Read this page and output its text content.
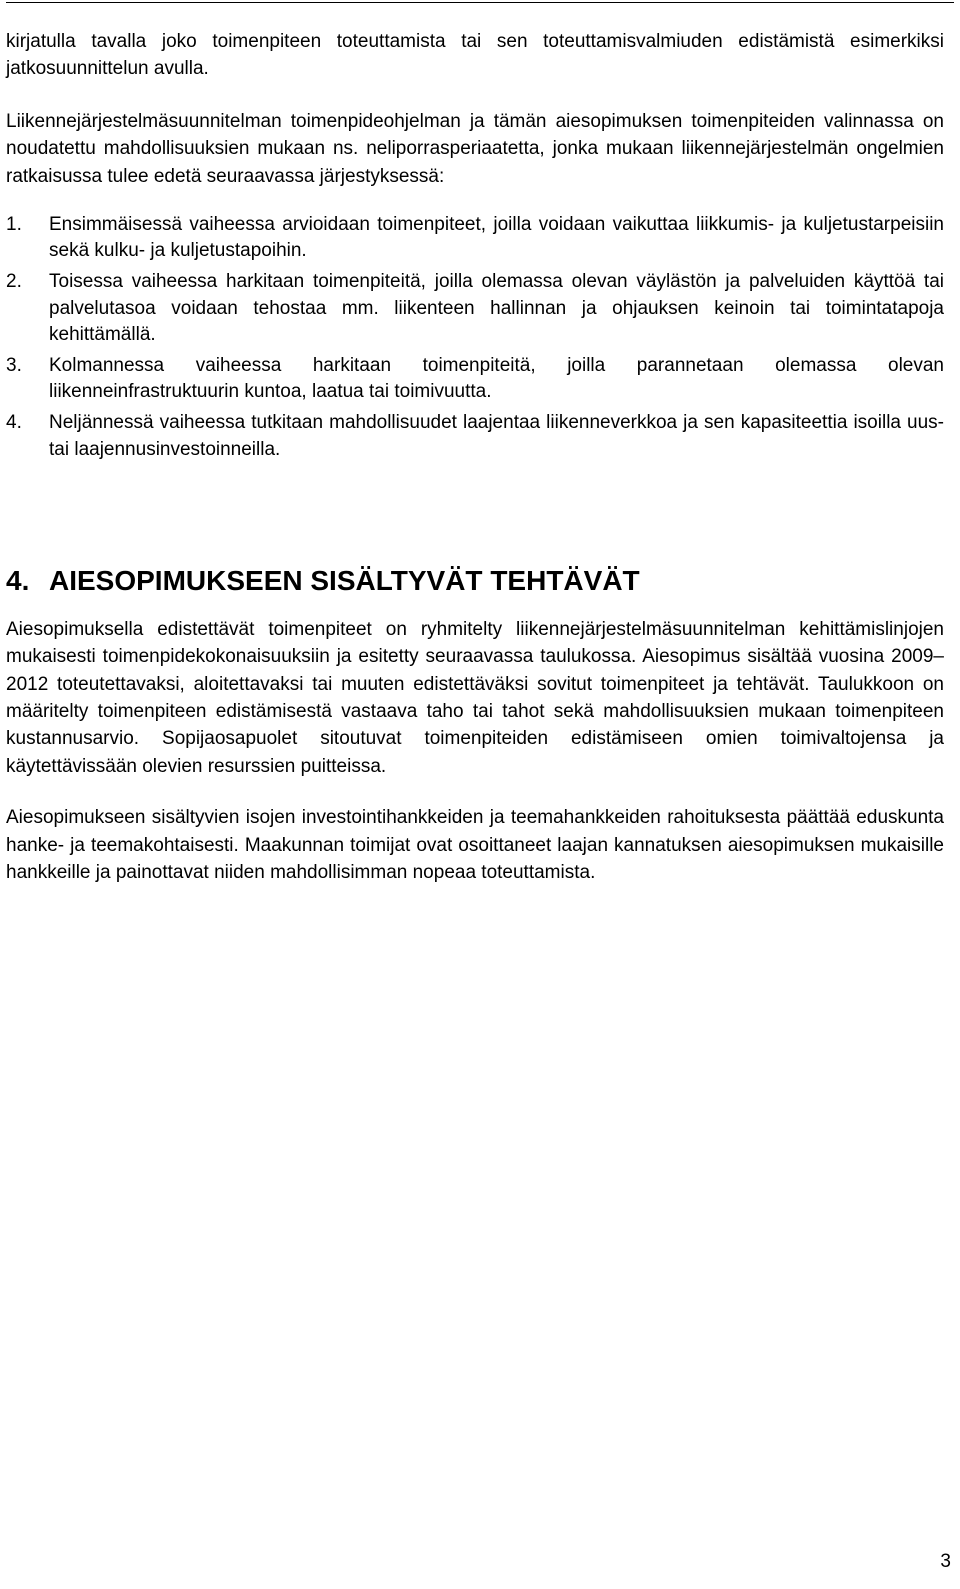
kirjatulla tavalla joko toimenpiteen toteuttamista tai sen toteuttamisvalmiuden edistämistä esimerkiksi jatkosuunnittelun avulla.

Liikennejärjestelmäsuunnitelman toimenpideohjelman ja tämän aiesopimuksen toimenpiteiden valinnassa on noudatettu mahdollisuuksien mukaan ns. neliporrasperiaatetta, jonka mukaan liikennejärjestelmän ongelmien ratkaisussa tulee edetä seuraavassa järjestyksessä:

1. Ensimmäisessä vaiheessa arvioidaan toimenpiteet, joilla voidaan vaikuttaa liikkumis- ja kuljetustarpeisiin sekä kulku- ja kuljetustapoihin.
2. Toisessa vaiheessa harkitaan toimenpiteitä, joilla olemassa olevan väylästön ja palveluiden käyttöä tai palvelutasoa voidaan tehostaa mm. liikenteen hallinnan ja ohjauksen keinoin tai toimintatapoja kehittämällä.
3. Kolmannessa vaiheessa harkitaan toimenpiteitä, joilla parannetaan olemassa olevan liikenneinfrastruktuurin kuntoa, laatua tai toimivuutta.
4. Neljännessä vaiheessa tutkitaan mahdollisuudet laajentaa liikenneverkkoa ja sen kapasiteettia isoilla uus- tai laajennusinvestoinneilla.
4. AIESOPIMUKSEEN SISÄLTYVÄT TEHTÄVÄT

Aiesopimuksella edistettävät toimenpiteet on ryhmitelty liikennejärjestelmäsuunnitelman kehittämislinjojen mukaisesti toimenpidekokonaisuuksiin ja esitetty seuraavassa taulukossa. Aiesopimus sisältää vuosina 2009–2012 toteutettavaksi, aloitettavaksi tai muuten edistettäväksi sovitut toimenpiteet ja tehtävät. Taulukkoon on määritelty toimenpiteen edistämisestä vastaava taho tai tahot sekä mahdollisuuksien mukaan toimenpiteen kustannusarvio. Sopijaosapuolet sitoutuvat toimenpiteiden edistämiseen omien toimivaltojensa ja käytettävissään olevien resurssien puitteissa.

Aiesopimukseen sisältyvien isojen investointihankkeiden ja teemahankkeiden rahoituksesta päättää eduskunta hanke- ja teemakohtaisesti. Maakunnan toimijat ovat osoittaneet laajan kannatuksen aiesopimuksen mukaisille hankkeille ja painottavat niiden mahdollisimman nopeaa toteuttamista.

3
